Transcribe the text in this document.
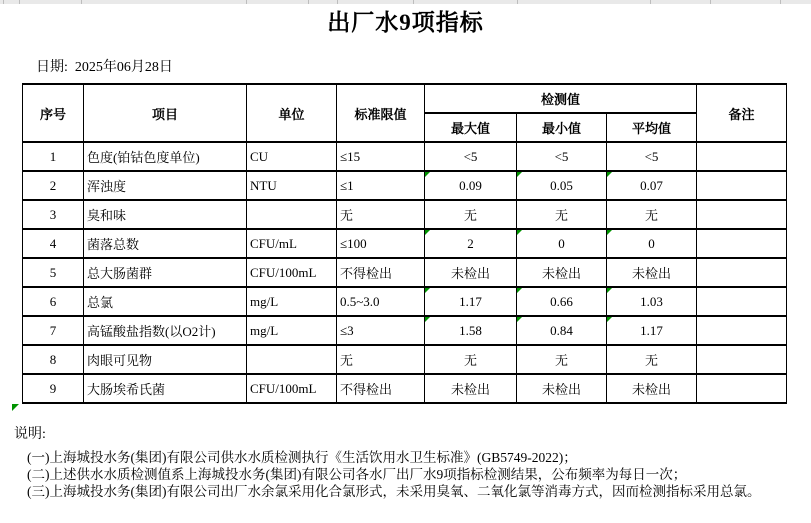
出厂水9项指标
日期: 2025年06月28日
序号	项目	单位	标准限值	检测值			备注
				最大值	最小值	平均值	
1	色度(铂钴色度单位)	CU	≤15	<5	<5	<5	
2	浑浊度	NTU	≤1	0.09	0.05	0.07	
3	臭和味		无	无	无	无	
4	菌落总数	CFU/mL	≤100	2	0	0	
5	总大肠菌群	CFU/100mL	不得检出	未检出	未检出	未检出	
6	总氯	mg/L	0.5~3.0	1.17	0.66	1.03	
7	高锰酸盐指数(以O2计)	mg/L	≤3	1.58	0.84	1.17	
8	肉眼可见物		无	无	无	无	
9	大肠埃希氏菌	CFU/100mL	不得检出	未检出	未检出	未检出	
说明:
(一)上海城投水务(集团)有限公司供水水质检测执行《生活饮用水卫生标准》(GB5749-2022)；
(二)上述供水水质检测值系上海城投水务(集团)有限公司各水厂出厂水9项指标检测结果，公布频率为每日一次；
(三)上海城投水务(集团)有限公司出厂水余氯采用化合氯形式，未采用臭氧、二氧化氯等消毒方式，因而检测指标采用总氯。
